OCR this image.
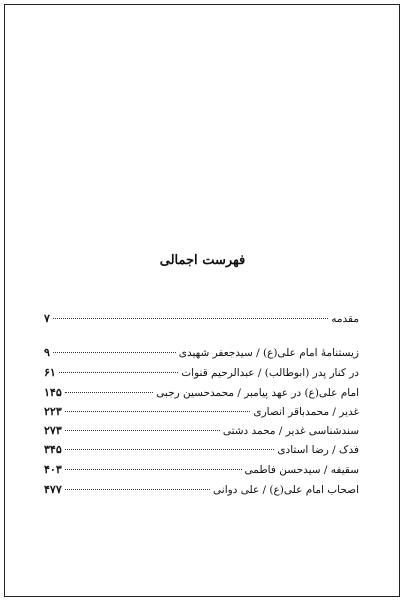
فهرست اجمالی
مقدمه
۷
زیستنامهٔ امام علی(ع) / سیدجعفر شهیدی
۹
در کنار پدر (ابوطالب) / عبدالرحیم قنوات
۶۱
امام علی(ع) در عهد پیامبر / محمدحسین رجبی
۱۴۵
غدیر / محمدباقر انصاری
۲۲۳
سندشناسی غدیر / محمد دشتی
۲۷۳
فدک / رضا استادی
۳۴۵
سقیفه / سیدحسن فاطمی
۴۰۳
اصحاب امام علی(ع) / علی دوانی
۴۷۷
